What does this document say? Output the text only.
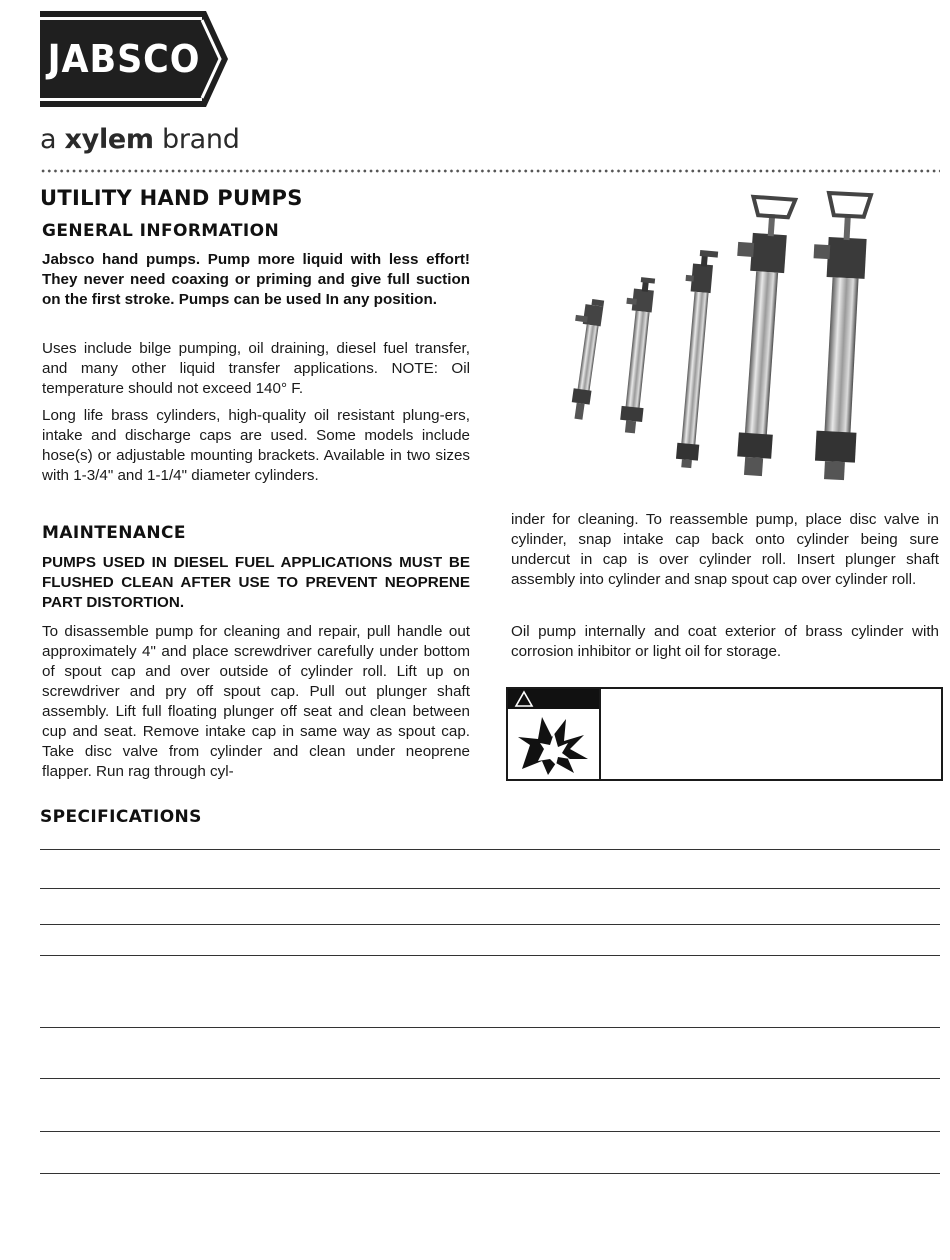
JABSCO
a xylem brand
UTILITY HAND PUMPS
GENERAL INFORMATION
Jabsco hand pumps. Pump more liquid with less effort! They never need coaxing or priming and give full suction on the first stroke. Pumps can be used In any position.
Uses include bilge pumping, oil draining, diesel fuel transfer, and many other liquid transfer applications. NOTE: Oil temperature should not exceed 140° F.
Long life brass cylinders, high-quality oil resistant plung-ers, intake and discharge caps are used. Some models include hose(s) or adjustable mounting brackets. Available in two sizes with 1-3/4" and 1-1/4" diameter cylinders.
MAINTENANCE
PUMPS USED IN DIESEL FUEL APPLICATIONS MUST BE FLUSHED CLEAN AFTER USE TO PREVENT NEOPRENE PART DISTORTION.
To disassemble pump for cleaning and repair, pull handle out approximately 4" and place screwdriver carefully under bottom of spout cap and over outside of cylinder roll. Lift up on screwdriver and pry off spout cap. Pull out plunger shaft assembly. Lift full floating plunger off seat and clean between cup and seat. Remove intake cap in same way as spout cap. Take disc valve from cylinder and clean under neoprene flapper. Run rag through cyl-
inder for cleaning. To reassemble pump, place disc valve in cylinder, snap intake cap back onto cylinder being sure undercut in cap is over cylinder roll. Insert plunger shaft assembly into cylinder and snap spout cap over cylinder roll.
Oil pump internally and coat exterior of brass cylinder with corrosion inhibitor or light oil for storage.
SPECIFICATIONS
